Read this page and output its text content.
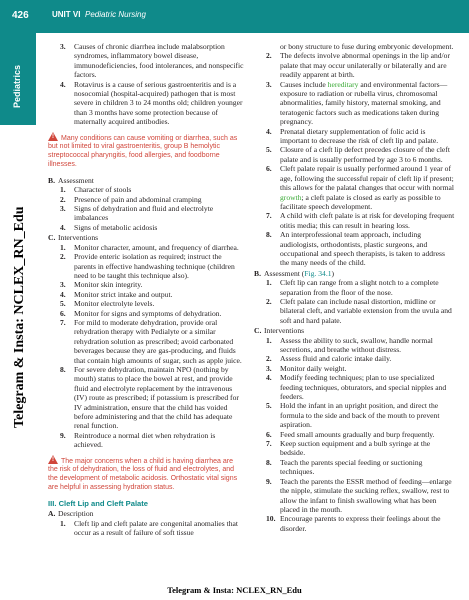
426	UNIT VI Pediatric Nursing
Pediatrics
Telegram & Insta: NCLEX_RN_Edu
3. Causes of chronic diarrhea include malabsorption syndromes, inflammatory bowel disease, immunodeficiencies, food intolerances, and nonspecific factors.
4. Rotavirus is a cause of serious gastroenteritis and is a nosocomial (hospital-acquired) pathogen that is most severe in children 3 to 24 months old; children younger than 3 months have some protection because of maternally acquired antibodies.
!Many conditions can cause vomiting or diarrhea, such as but not limited to viral gastroenteritis, group B hemolytic streptococcal pharyngitis, food allergies, and foodborne illnesses.
B. Assessment
1. Character of stools
2. Presence of pain and abdominal cramping
3. Signs of dehydration and fluid and electrolyte imbalances
4. Signs of metabolic acidosis
C. Interventions
1. Monitor character, amount, and frequency of diarrhea.
2. Provide enteric isolation as required; instruct the parents in effective handwashing technique (children need to be taught this technique also).
3. Monitor skin integrity.
4. Monitor strict intake and output.
5. Monitor electrolyte levels.
6. Monitor for signs and symptoms of dehydration.
7. For mild to moderate dehydration, provide oral rehydration therapy with Pedialyte or a similar rehydration solution as prescribed; avoid carbonated beverages because they are gas-producing, and fluids that contain high amounts of sugar, such as apple juice.
8. For severe dehydration, maintain NPO (nothing by mouth) status to place the bowel at rest, and provide fluid and electrolyte replacement by the intravenous (IV) route as prescribed; if potassium is prescribed for IV administration, ensure that the child has voided before administering and that the child has adequate renal function.
9. Reintroduce a normal diet when rehydration is achieved.
!The major concerns when a child is having diarrhea are the risk of dehydration, the loss of fluid and electrolytes, and the development of metabolic acidosis. Orthostatic vital signs are helpful in assessing hydration status.
III. Cleft Lip and Cleft Palate
A. Description
1. Cleft lip and cleft palate are congenital anomalies that occur as a result of failure of soft tissue
or bony structure to fuse during embryonic development.
2. The defects involve abnormal openings in the lip and/or palate that may occur unilaterally or bilaterally and are readily apparent at birth.
3. Causes include hereditary and environmental factors—exposure to radiation or rubella virus, chromosomal abnormalities, family history, maternal smoking, and teratogenic factors such as medications taken during pregnancy.
4. Prenatal dietary supplementation of folic acid is important to decrease the risk of cleft lip and palate.
5. Closure of a cleft lip defect precedes closure of the cleft palate and is usually performed by age 3 to 6 months.
6. Cleft palate repair is usually performed around 1 year of age, following the successful repair of cleft lip if present; this allows for the palatal changes that occur with normal growth; a cleft palate is closed as early as possible to facilitate speech development.
7. A child with cleft palate is at risk for developing frequent otitis media; this can result in hearing loss.
8. An interprofessional team approach, including audiologists, orthodontists, plastic surgeons, and occupational and speech therapists, is taken to address the many needs of the child.
B. Assessment (Fig. 34.1)
1. Cleft lip can range from a slight notch to a complete separation from the floor of the nose.
2. Cleft palate can include nasal distortion, midline or bilateral cleft, and variable extension from the uvula and soft and hard palate.
C. Interventions
1. Assess the ability to suck, swallow, handle normal secretions, and breathe without distress.
2. Assess fluid and caloric intake daily.
3. Monitor daily weight.
4. Modify feeding techniques; plan to use specialized feeding techniques, obturators, and special nipples and feeders.
5. Hold the infant in an upright position, and direct the formula to the side and back of the mouth to prevent aspiration.
6. Feed small amounts gradually and burp frequently.
7. Keep suction equipment and a bulb syringe at the bedside.
8. Teach the parents special feeding or suctioning techniques.
9. Teach the parents the ESSR method of feeding—enlarge the nipple, stimulate the sucking reflex, swallow, rest to allow the infant to finish swallowing what has been placed in the mouth.
10. Encourage parents to express their feelings about the disorder.
Telegram & Insta: NCLEX_RN_Edu
